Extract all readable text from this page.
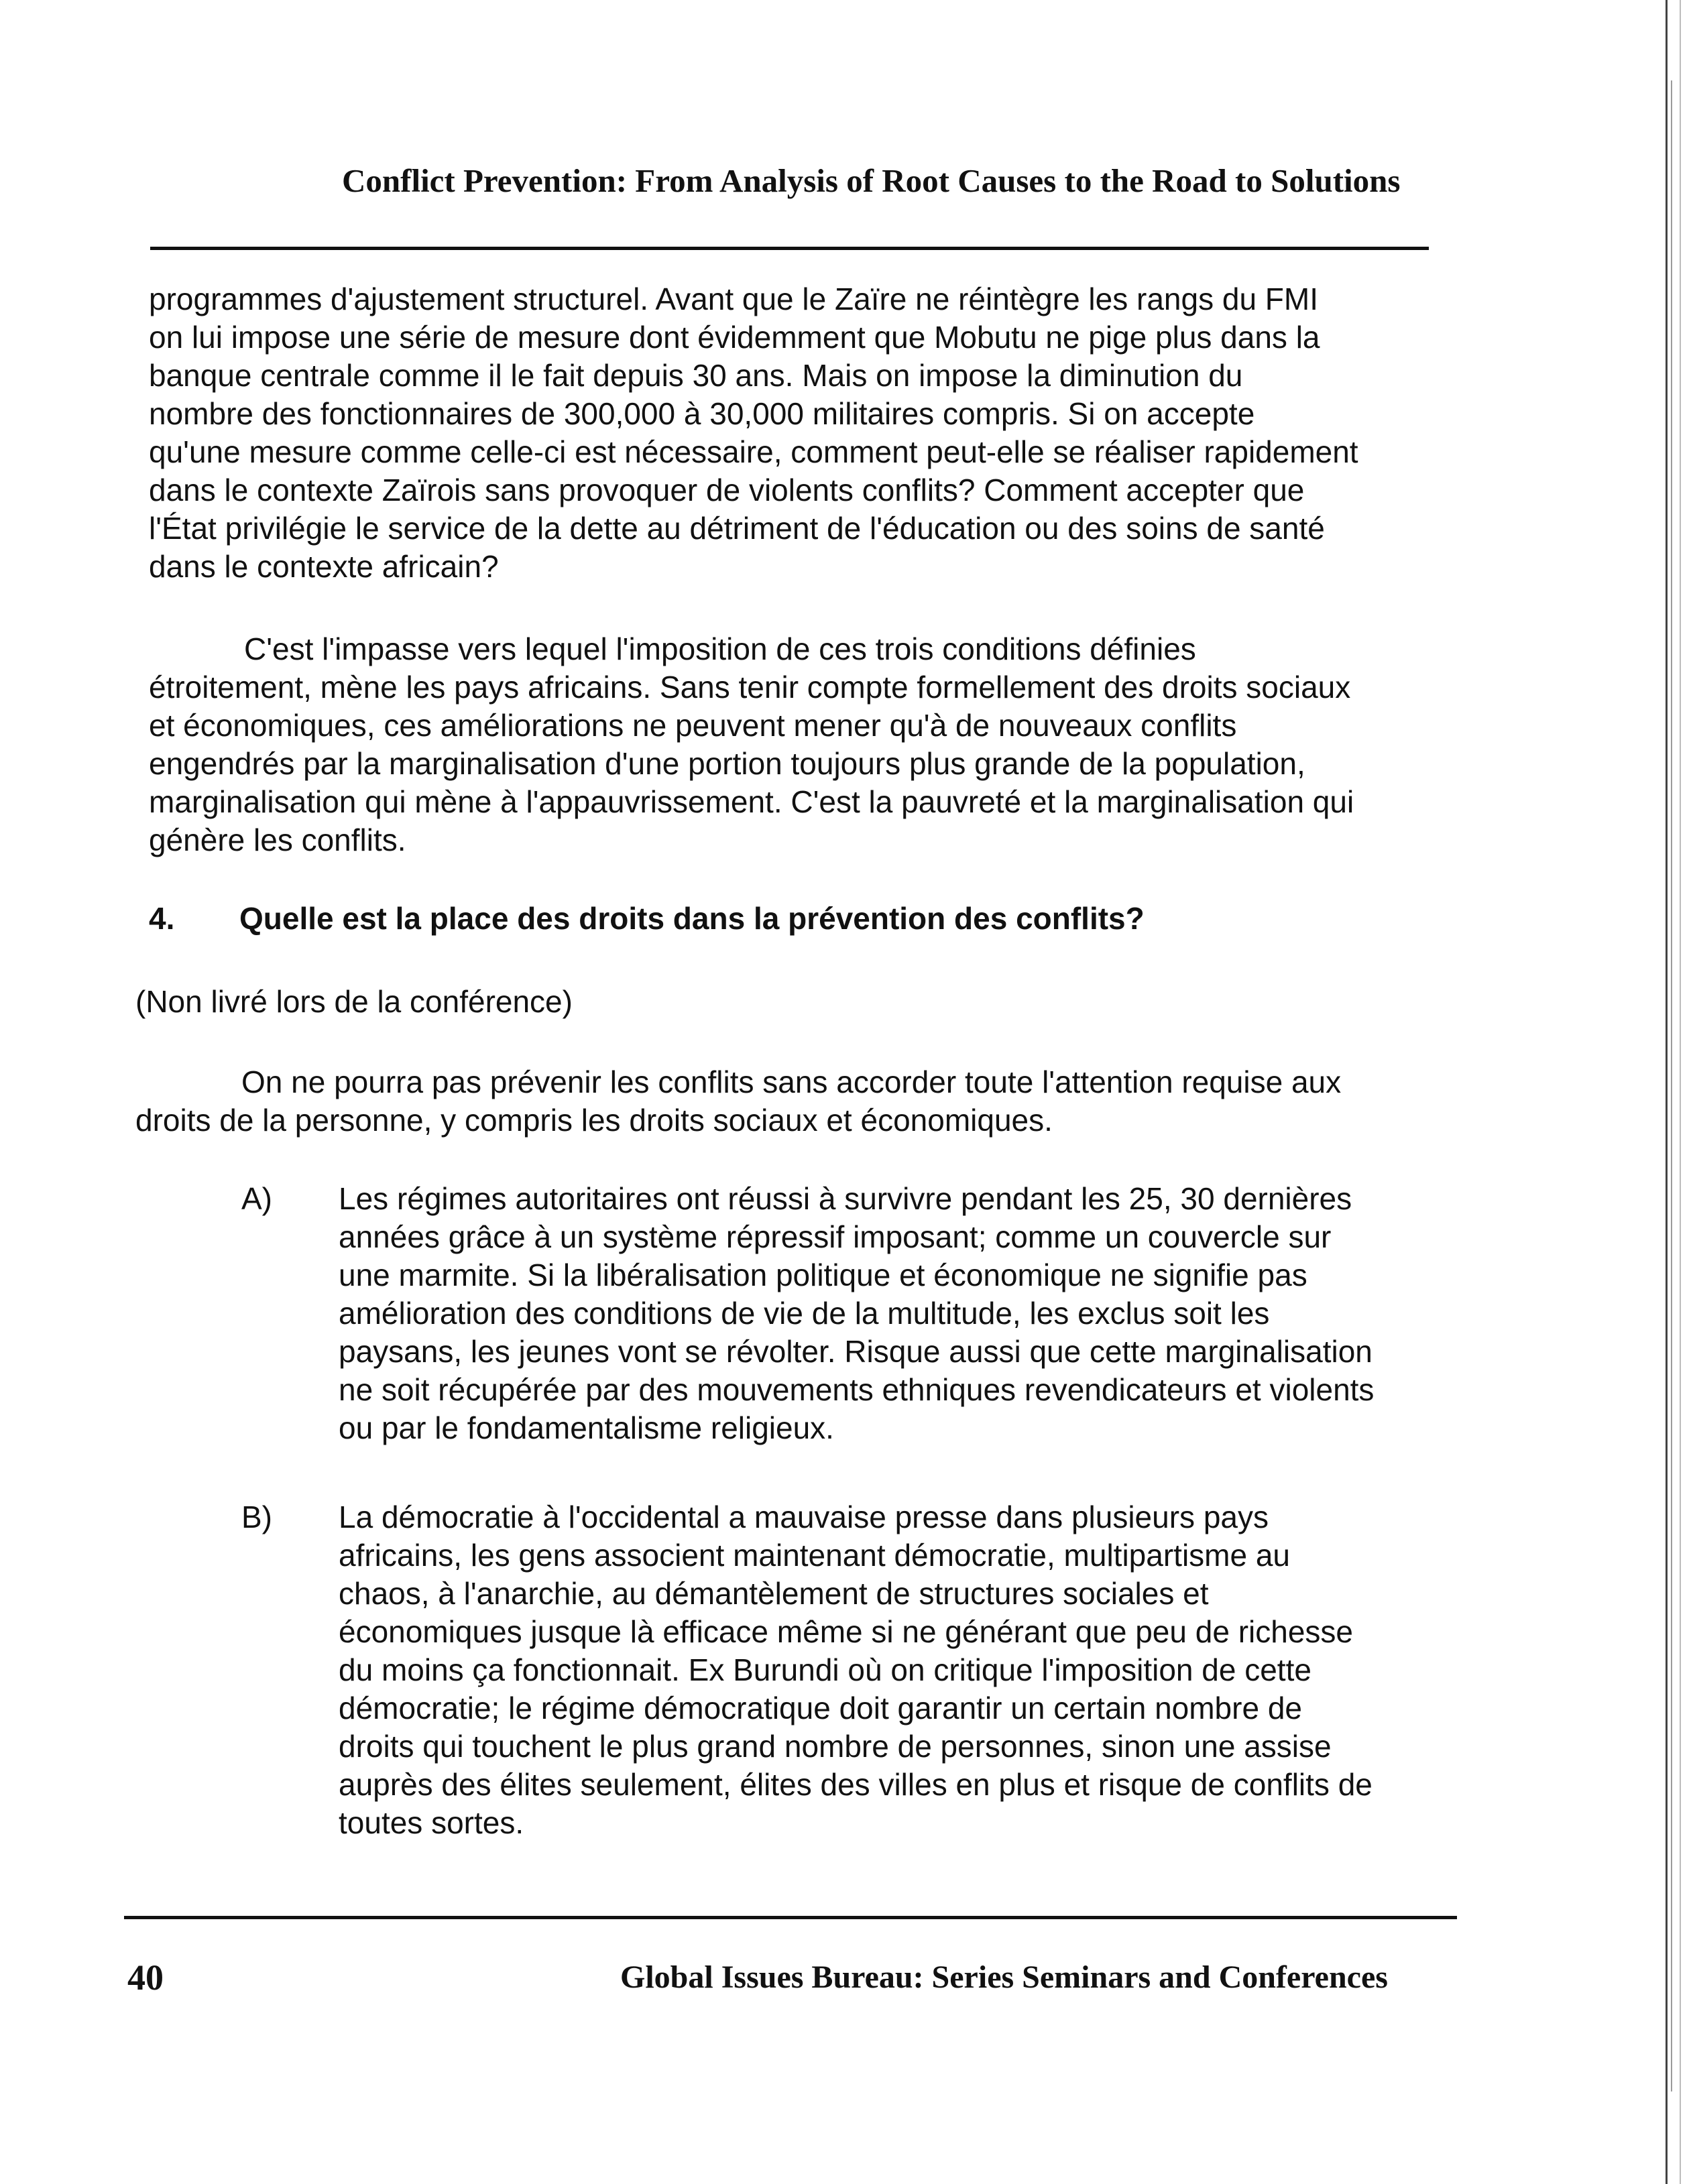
Conflict Prevention: From Analysis of Root Causes to the Road to Solutions
programmes d'ajustement structurel. Avant que le Zaïre ne réintègre les rangs du FMI
on lui impose une série de mesure dont évidemment que Mobutu ne pige plus dans la
banque centrale comme il le fait depuis 30 ans. Mais on impose la diminution du
nombre des fonctionnaires de 300,000 à 30,000 militaires compris. Si on accepte
qu'une mesure comme celle-ci est nécessaire, comment peut-elle se réaliser rapidement
dans le contexte Zaïrois sans provoquer de violents conflits? Comment accepter que
l'État privilégie le service de la dette au détriment de l'éducation ou des soins de santé
dans le contexte africain?
C'est l'impasse vers lequel l'imposition de ces trois conditions définies
étroitement, mène les pays africains. Sans tenir compte formellement des droits sociaux
et économiques, ces améliorations ne peuvent mener qu'à de nouveaux conflits
engendrés par la marginalisation d'une portion toujours plus grande de la population,
marginalisation qui mène à l'appauvrissement. C'est la pauvreté et la marginalisation qui
génère les conflits.
4. Quelle est la place des droits dans la prévention des conflits?
(Non livré lors de la conférence)
On ne pourra pas prévenir les conflits sans accorder toute l'attention requise aux
droits de la personne, y compris les droits sociaux et économiques.
A) Les régimes autoritaires ont réussi à survivre pendant les 25, 30 dernières
années grâce à un système répressif imposant; comme un couvercle sur
une marmite. Si la libéralisation politique et économique ne signifie pas
amélioration des conditions de vie de la multitude, les exclus soit les
paysans, les jeunes vont se révolter. Risque aussi que cette marginalisation
ne soit récupérée par des mouvements ethniques revendicateurs et violents
ou par le fondamentalisme religieux.
B) La démocratie à l'occidental a mauvaise presse dans plusieurs pays
africains, les gens associent maintenant démocratie, multipartisme au
chaos, à l'anarchie, au démantèlement de structures sociales et
économiques jusque là efficace même si ne générant que peu de richesse
du moins ça fonctionnait. Ex Burundi où on critique l'imposition de cette
démocratie; le régime démocratique doit garantir un certain nombre de
droits qui touchent le plus grand nombre de personnes, sinon une assise
auprès des élites seulement, élites des villes en plus et risque de conflits de
toutes sortes.
40	Global Issues Bureau: Series Seminars and Conferences
